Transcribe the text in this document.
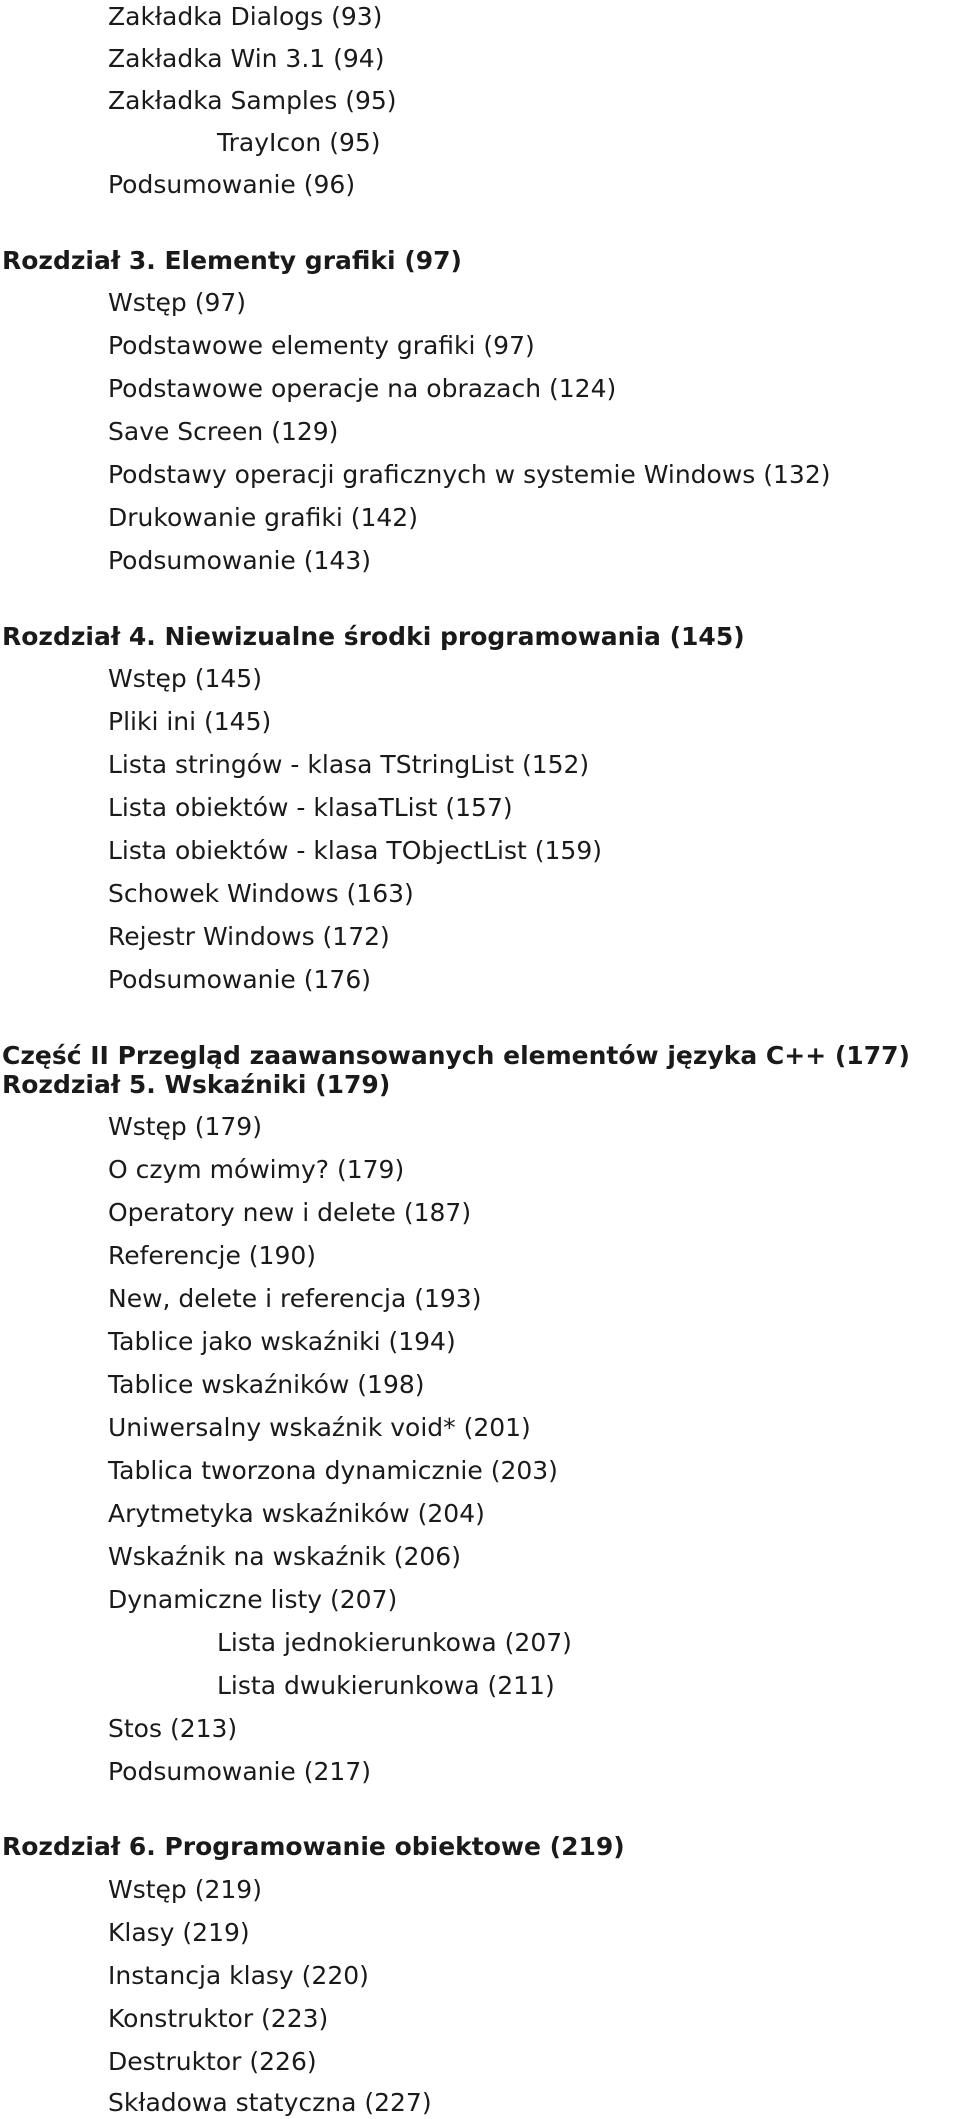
Zakładka Dialogs (93)
Zakładka Win 3.1 (94)
Zakładka Samples (95)
TrayIcon (95)
Podsumowanie (96)
Rozdział 3. Elementy grafiki (97)
Wstęp (97)
Podstawowe elementy grafiki (97)
Podstawowe operacje na obrazach (124)
Save Screen (129)
Podstawy operacji graficznych w systemie Windows (132)
Drukowanie grafiki (142)
Podsumowanie (143)
Rozdział 4. Niewizualne środki programowania (145)
Wstęp (145)
Pliki ini (145)
Lista stringów - klasa TStringList (152)
Lista obiektów - klasaTList (157)
Lista obiektów - klasa TObjectList (159)
Schowek Windows (163)
Rejestr Windows (172)
Podsumowanie (176)
Część II Przegląd zaawansowanych elementów języka C++ (177)
Rozdział 5. Wskaźniki (179)
Wstęp (179)
O czym mówimy? (179)
Operatory new i delete (187)
Referencje (190)
New, delete i referencja (193)
Tablice jako wskaźniki (194)
Tablice wskaźników (198)
Uniwersalny wskaźnik void* (201)
Tablica tworzona dynamicznie (203)
Arytmetyka wskaźników (204)
Wskaźnik na wskaźnik (206)
Dynamiczne listy (207)
Lista jednokierunkowa (207)
Lista dwukierunkowa (211)
Stos (213)
Podsumowanie (217)
Rozdział 6. Programowanie obiektowe (219)
Wstęp (219)
Klasy (219)
Instancja klasy (220)
Konstruktor (223)
Destruktor (226)
Składowa statyczna (227)
